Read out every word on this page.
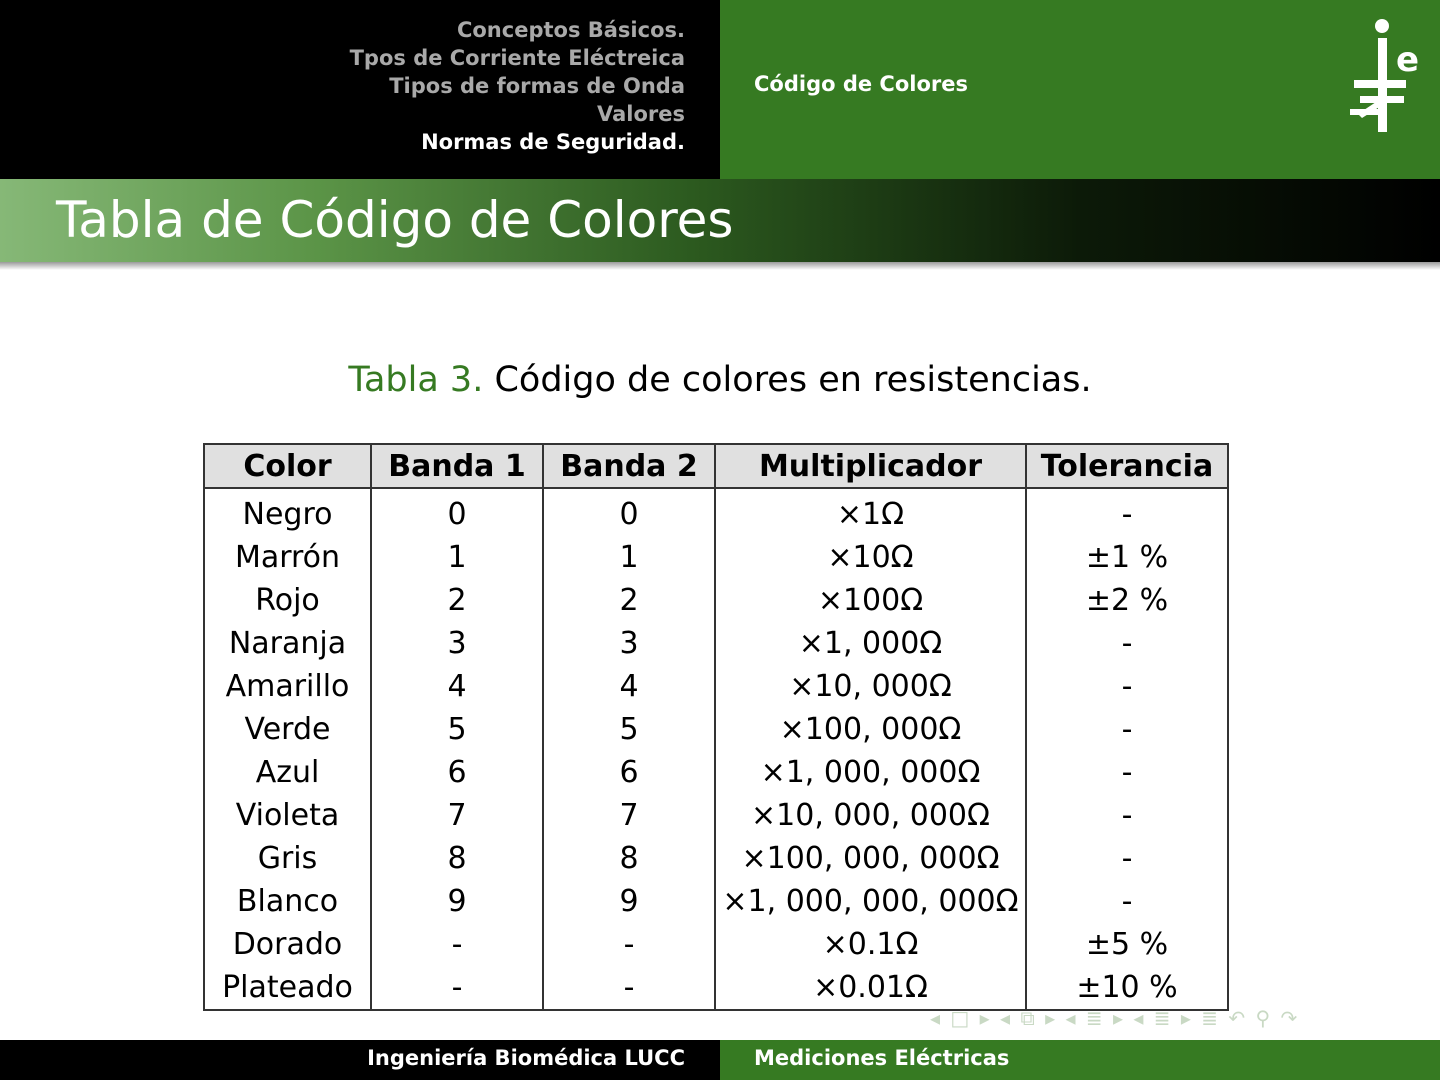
Conceptos Básicos.
Tpos de Corriente Eléctreica
Tipos de formas de Onda
Valores
Normas de Seguridad.
Código de Colores
e
Tabla de Código de Colores
Tabla 3. Código de colores en resistencias.
Color	Banda 1	Banda 2	Multiplicador	Tolerancia
Negro	0	0	×1Ω	-
Marrón	1	1	×10Ω	±1 %
Rojo	2	2	×100Ω	±2 %
Naranja	3	3	×1, 000Ω	-
Amarillo	4	4	×10, 000Ω	-
Verde	5	5	×100, 000Ω	-
Azul	6	6	×1, 000, 000Ω	-
Violeta	7	7	×10, 000, 000Ω	-
Gris	8	8	×100, 000, 000Ω	-
Blanco	9	9	×1, 000, 000, 000Ω	-
Dorado	-	-	×0.1Ω	±5 %
Plateado	-	-	×0.01Ω	±10 %
◂ □ ▸ ◂ ⧉ ▸ ◂ ≣ ▸ ◂ ≣ ▸ ≣ ↶ ⚲ ↷
Ingeniería Biomédica LUCC	Mediciones Eléctricas
